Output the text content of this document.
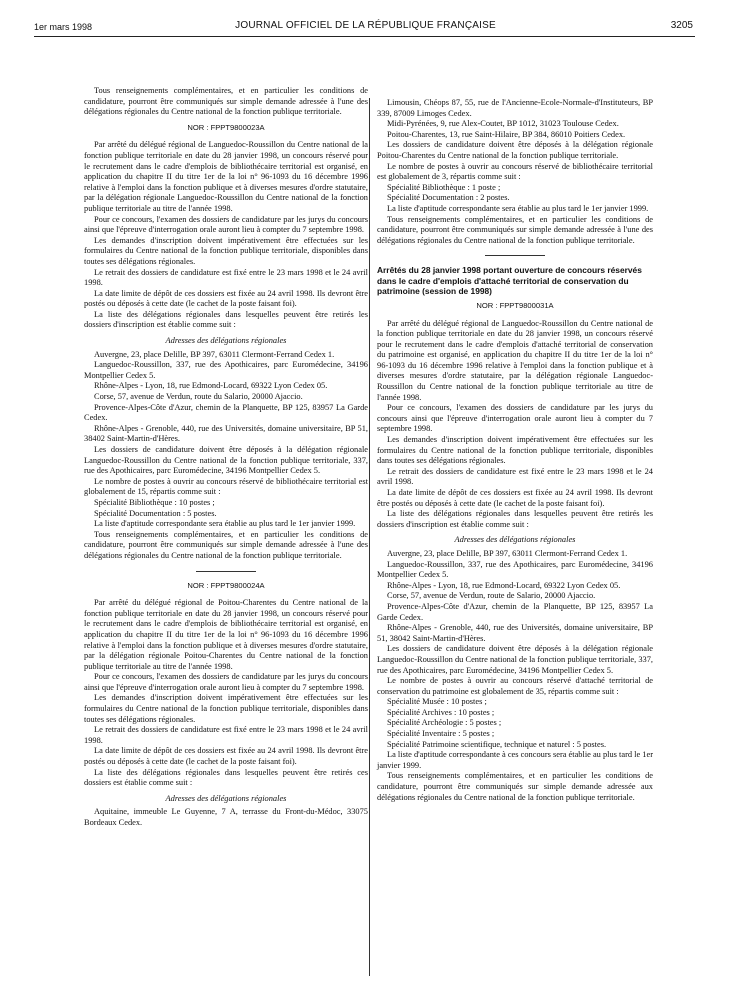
1er mars 1998	JOURNAL OFFICIEL DE LA RÉPUBLIQUE FRANÇAISE	3205

Tous renseignements complémentaires, et en particulier les conditions de candidature, pourront être communiqués sur simple demande adressée à l'une des délégations régionales du Centre national de la fonction publique territoriale.

NOR : FPPT9800023A

Par arrêté du délégué régional de Languedoc-Roussillon du Centre national de la fonction publique territoriale en date du 28 janvier 1998, un concours réservé pour le recrutement dans le cadre d'emplois de bibliothécaire territorial est organisé, en application du chapitre II du titre 1er de la loi n° 96-1093 du 16 décembre 1996 relative à l'emploi dans la fonction publique et à diverses mesures d'ordre statutaire, par la délégation régionale Languedoc-Roussillon du Centre national de la fonction publique territoriale au titre de l'année 1998.

Pour ce concours, l'examen des dossiers de candidature par les jurys du concours ainsi que l'épreuve d'interrogation orale auront lieu à compter du 7 septembre 1998.

Les demandes d'inscription doivent impérativement être effectuées sur les formulaires du Centre national de la fonction publique territoriale, disponibles dans toutes ses délégations régionales.

Le retrait des dossiers de candidature est fixé entre le 23 mars 1998 et le 24 avril 1998.

La date limite de dépôt de ces dossiers est fixée au 24 avril 1998. Ils devront être postés ou déposés à cette date (le cachet de la poste faisant foi).

La liste des délégations régionales dans lesquelles peuvent être retirés les dossiers d'inscription est établie comme suit :

Adresses des délégations régionales

Auvergne, 23, place Delille, BP 397, 63011 Clermont-Ferrand Cedex 1.

Languedoc-Roussillon, 337, rue des Apothicaires, parc Euromédecine, 34196 Montpellier Cedex 5.

Rhône-Alpes - Lyon, 18, rue Edmond-Locard, 69322 Lyon Cedex 05.

Corse, 57, avenue de Verdun, route du Salario, 20000 Ajaccio.

Provence-Alpes-Côte d'Azur, chemin de la Planquette, BP 125, 83957 La Garde Cedex.

Rhône-Alpes - Grenoble, 440, rue des Universités, domaine universitaire, BP 51, 38402 Saint-Martin-d'Hères.

Les dossiers de candidature doivent être déposés à la délégation régionale Languedoc-Roussillon du Centre national de la fonction publique territoriale, 337, rue des Apothicaires, parc Euromédecine, 34196 Montpellier Cedex 5.

Le nombre de postes à ouvrir au concours réservé de bibliothécaire territorial est globalement de 15, répartis comme suit :

Spécialité Bibliothèque : 10 postes ;

Spécialité Documentation : 5 postes.

La liste d'aptitude correspondante sera établie au plus tard le 1er janvier 1999.

Tous renseignements complémentaires, et en particulier les conditions de candidature, pourront être communiqués sur simple demande adressée à l'une des délégations régionales du Centre national de la fonction publique territoriale.

NOR : FPPT9800024A

Par arrêté du délégué régional de Poitou-Charentes du Centre national de la fonction publique territoriale en date du 28 janvier 1998, un concours réservé pour le recrutement dans le cadre d'emplois de bibliothécaire territorial est organisé, en application du chapitre II du titre 1er de la loi n° 96-1093 du 16 décembre 1996 relative à l'emploi dans la fonction publique et à diverses mesures d'ordre statutaire, par la délégation régionale Poitou-Charentes du Centre national de la fonction publique territoriale au titre de l'année 1998.

Pour ce concours, l'examen des dossiers de candidature par les jurys du concours ainsi que l'épreuve d'interrogation orale auront lieu à compter du 7 septembre 1998.

Les demandes d'inscription doivent impérativement être effectuées sur les formulaires du Centre national de la fonction publique territoriale, disponibles dans toutes ses délégations régionales.

Le retrait des dossiers de candidature est fixé entre le 23 mars 1998 et le 24 avril 1998.

La date limite de dépôt de ces dossiers est fixée au 24 avril 1998. Ils devront être postés ou déposés à cette date (le cachet de la poste faisant foi).

La liste des délégations régionales dans lesquelles peuvent être retirés ces dossiers est établie comme suit :

Adresses des délégations régionales

Aquitaine, immeuble Le Guyenne, 7 A, terrasse du Front-du-Médoc, 33075 Bordeaux Cedex.

Limousin, Chéops 87, 55, rue de l'Ancienne-Ecole-Normale-d'Instituteurs, BP 339, 87009 Limoges Cedex.

Midi-Pyrénées, 9, rue Alex-Coutet, BP 1012, 31023 Toulouse Cedex.

Poitou-Charentes, 13, rue Saint-Hilaire, BP 384, 86010 Poitiers Cedex.

Les dossiers de candidature doivent être déposés à la délégation régionale Poitou-Charentes du Centre national de la fonction publique territoriale.

Le nombre de postes à ouvrir au concours réservé de bibliothécaire territorial est globalement de 3, répartis comme suit :

Spécialité Bibliothèque : 1 poste ;

Spécialité Documentation : 2 postes.

La liste d'aptitude correspondante sera établie au plus tard le 1er janvier 1999.

Tous renseignements complémentaires, et en particulier les conditions de candidature, pourront être communiqués sur simple demande adressée à l'une des délégations régionales du Centre national de la fonction publique territoriale.

Arrêtés du 28 janvier 1998 portant ouverture de concours réservés dans le cadre d'emplois d'attaché territorial de conservation du patrimoine (session de 1998)
NOR : FPPT9800031A

Par arrêté du délégué régional de Languedoc-Roussillon du Centre national de la fonction publique territoriale en date du 28 janvier 1998, un concours réservé pour le recrutement dans le cadre d'emplois d'attaché territorial de conservation du patrimoine est organisé, en application du chapitre II du titre 1er de la loi n° 96-1093 du 16 décembre 1996 relative à l'emploi dans la fonction publique et à diverses mesures d'ordre statutaire, par la délégation régionale Languedoc-Roussillon du Centre national de la fonction publique territoriale au titre de l'année 1998.

Pour ce concours, l'examen des dossiers de candidature par les jurys du concours ainsi que l'épreuve d'interrogation orale auront lieu à compter du 7 septembre 1998.

Les demandes d'inscription doivent impérativement être effectuées sur les formulaires du Centre national de la fonction publique territoriale, disponibles dans toutes ses délégations régionales.

Le retrait des dossiers de candidature est fixé entre le 23 mars 1998 et le 24 avril 1998.

La date limite de dépôt de ces dossiers est fixée au 24 avril 1998. Ils devront être postés ou déposés à cette date (le cachet de la poste faisant foi).

La liste des délégations régionales dans lesquelles peuvent être retirés les dossiers d'inscription est établie comme suit :

Adresses des délégations régionales

Auvergne, 23, place Delille, BP 397, 63011 Clermont-Ferrand Cedex 1.

Languedoc-Roussillon, 337, rue des Apothicaires, parc Euromédecine, 34196 Montpellier Cedex 5.

Rhône-Alpes - Lyon, 18, rue Edmond-Locard, 69322 Lyon Cedex 05.

Corse, 57, avenue de Verdun, route de Salario, 20000 Ajaccio.

Provence-Alpes-Côte d'Azur, chemin de la Planquette, BP 125, 83957 La Garde Cedex.

Rhône-Alpes - Grenoble, 440, rue des Universités, domaine universitaire, BP 51, 38042 Saint-Martin-d'Hères.

Les dossiers de candidature doivent être déposés à la délégation régionale Languedoc-Roussillon du Centre national de la fonction publique territoriale, 337, rue des Apothicaires, parc Euromédecine, 34196 Montpellier Cedex 5.

Le nombre de postes à ouvrir au concours réservé d'attaché territorial de conservation du patrimoine est globalement de 35, répartis comme suit :

Spécialité Musée : 10 postes ;

Spécialité Archives : 10 postes ;

Spécialité Archéologie : 5 postes ;

Spécialité Inventaire : 5 postes ;

Spécialité Patrimoine scientifique, technique et naturel : 5 postes.

La liste d'aptitude correspondante à ces concours sera établie au plus tard le 1er janvier 1999.

Tous renseignements complémentaires, et en particulier les conditions de candidature, pourront être communiqués sur simple demande adressée aux délégations régionales du Centre national de la fonction publique territoriale.
